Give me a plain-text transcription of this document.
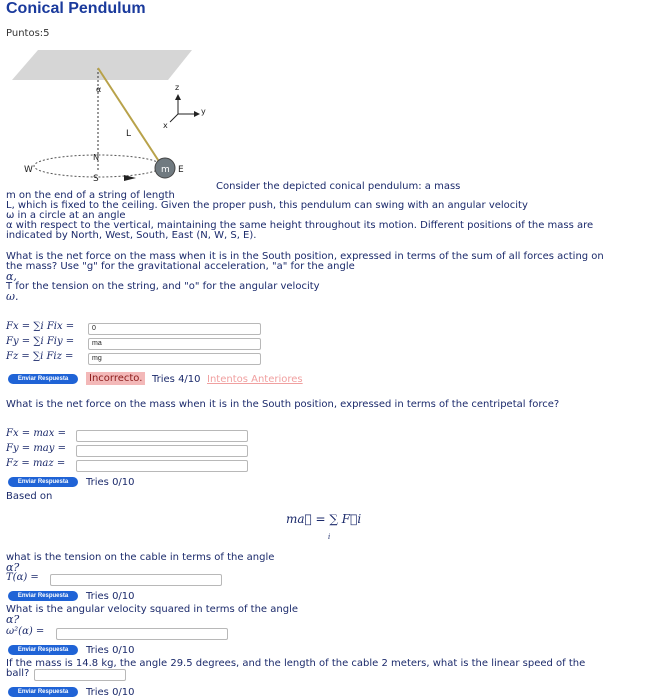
Conical Pendulum
Puntos:5
α
L
N
S
W	E
m
z
y
x
Consider the depicted conical pendulum: a mass
m on the end of a string of length
L, which is fixed to the ceiling. Given the proper push, this pendulum can swing with an angular velocity
ω in a circle at an angle
α with respect to the vertical, maintaining the same height throughout its motion. Different positions of the mass are
indicated by North, West, South, East (N, W, S, E).
What is the net force on the mass when it is in the South position, expressed in terms of the sum of all forces acting on
the mass? Use "g" for the gravitational acceleration, "a" for the angle
α,
T for the tension on the string, and "o" for the angular velocity
ω.
Fx = ∑i Fix =	0
Fy = ∑i Fiy =	ma
Fz = ∑i Fiz =	mg
Enviar Respuesta	Incorrecto. Tries 4/10 Intentos Anteriores
What is the net force on the mass when it is in the South position, expressed in terms of the centripetal force?
Fx = max =
Fy = may =
Fz = maz =
Enviar Respuesta	Tries 0/10
Based on
ma⃗ = ∑ F⃗i
i
what is the tension on the cable in terms of the angle
α?
T(α) =
Enviar Respuesta	Tries 0/10
What is the angular velocity squared in terms of the angle
α?
ω²(α) =
Enviar Respuesta	Tries 0/10
If the mass is 14.8 kg, the angle 29.5 degrees, and the length of the cable 2 meters, what is the linear speed of the
ball?
Enviar Respuesta	Tries 0/10
